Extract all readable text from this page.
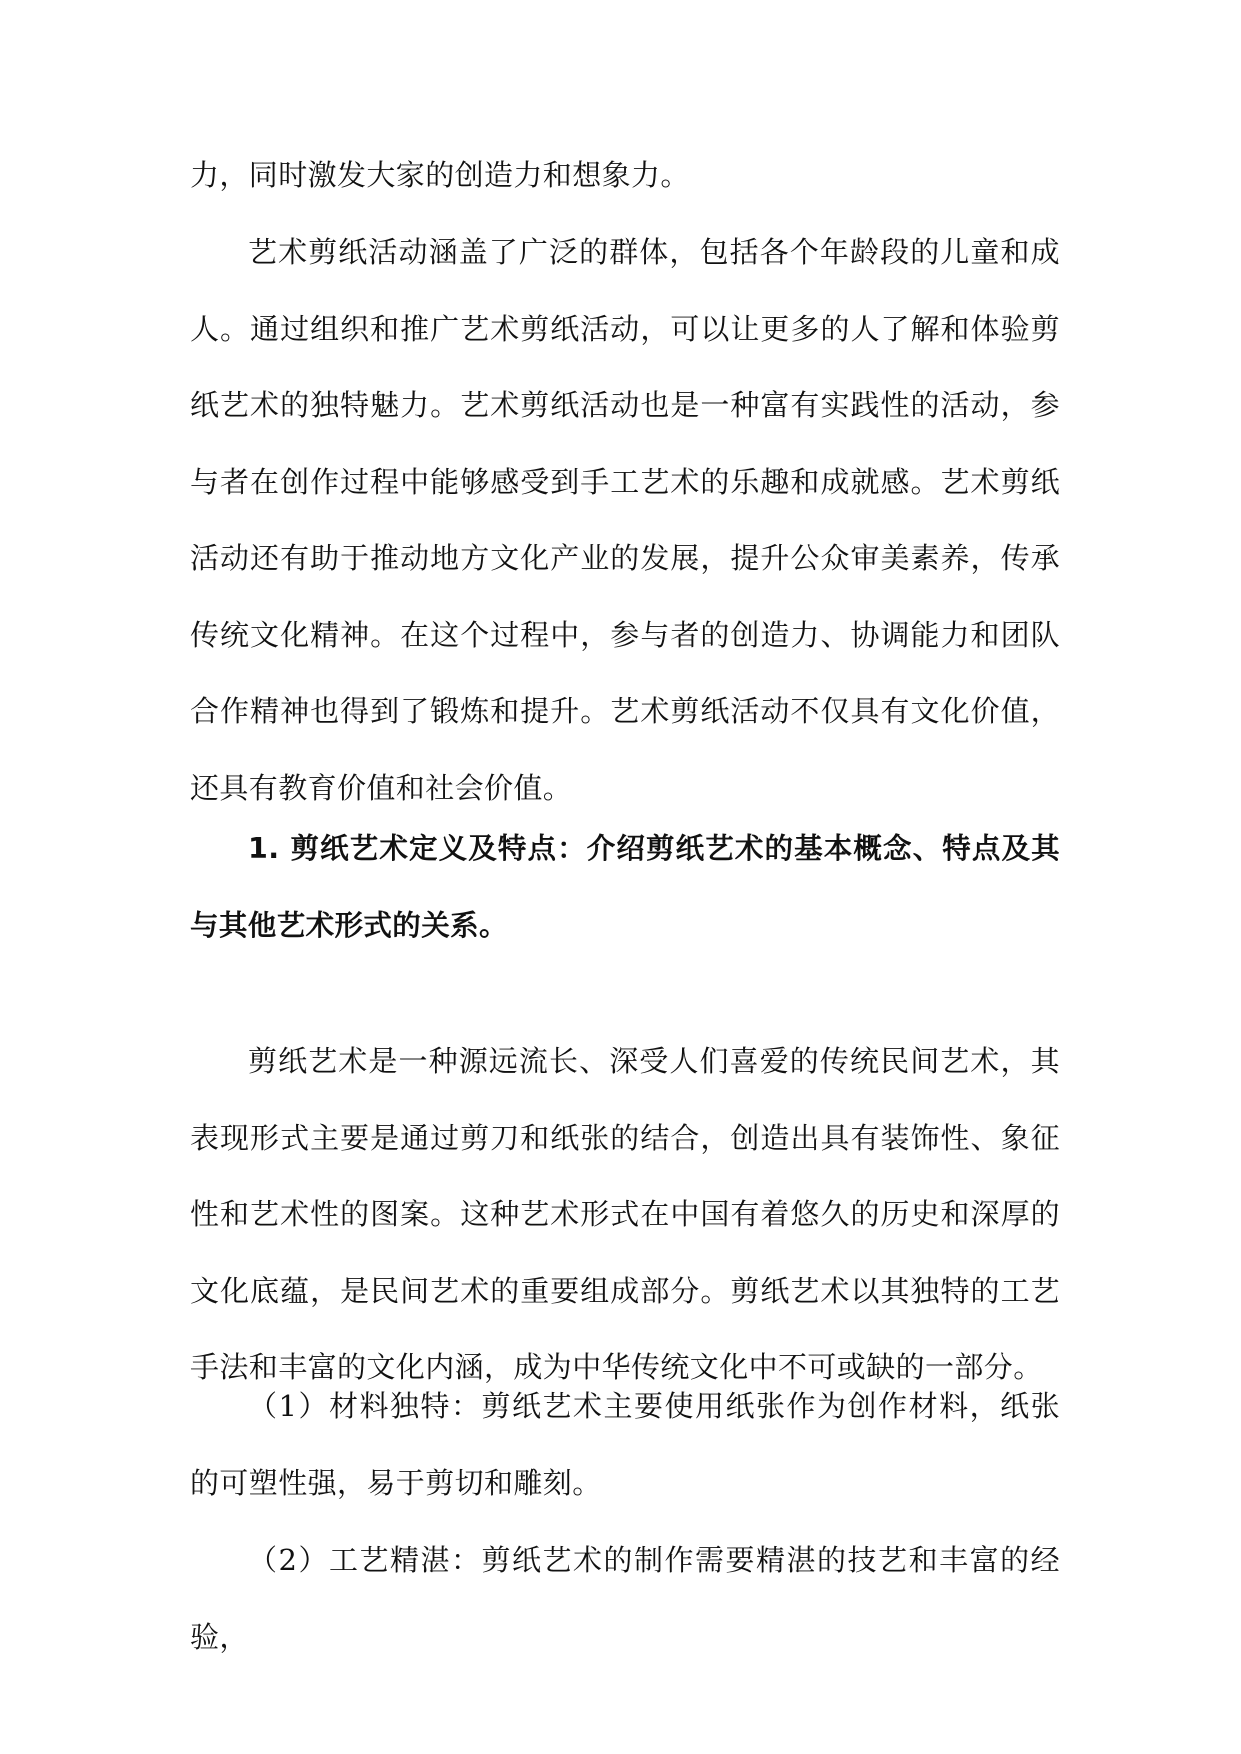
力，同时激发大家的创造力和想象力。

艺术剪纸活动涵盖了广泛的群体，包括各个年龄段的儿童和成人。通过组织和推广艺术剪纸活动，可以让更多的人了解和体验剪纸艺术的独特魅力。艺术剪纸活动也是一种富有实践性的活动，参与者在创作过程中能够感受到手工艺术的乐趣和成就感。艺术剪纸活动还有助于推动地方文化产业的发展，提升公众审美素养，传承传统文化精神。在这个过程中，参与者的创造力、协调能力和团队合作精神也得到了锻炼和提升。艺术剪纸活动不仅具有文化价值，还具有教育价值和社会价值。

1. 剪纸艺术定义及特点：介绍剪纸艺术的基本概念、特点及其与其他艺术形式的关系。

剪纸艺术是一种源远流长、深受人们喜爱的传统民间艺术，其表现形式主要是通过剪刀和纸张的结合，创造出具有装饰性、象征性和艺术性的图案。这种艺术形式在中国有着悠久的历史和深厚的文化底蕴，是民间艺术的重要组成部分。剪纸艺术以其独特的工艺手法和丰富的文化内涵，成为中华传统文化中不可或缺的一部分。

（1）材料独特：剪纸艺术主要使用纸张作为创作材料，纸张的可塑性强，易于剪切和雕刻。

（2）工艺精湛：剪纸艺术的制作需要精湛的技艺和丰富的经验，
